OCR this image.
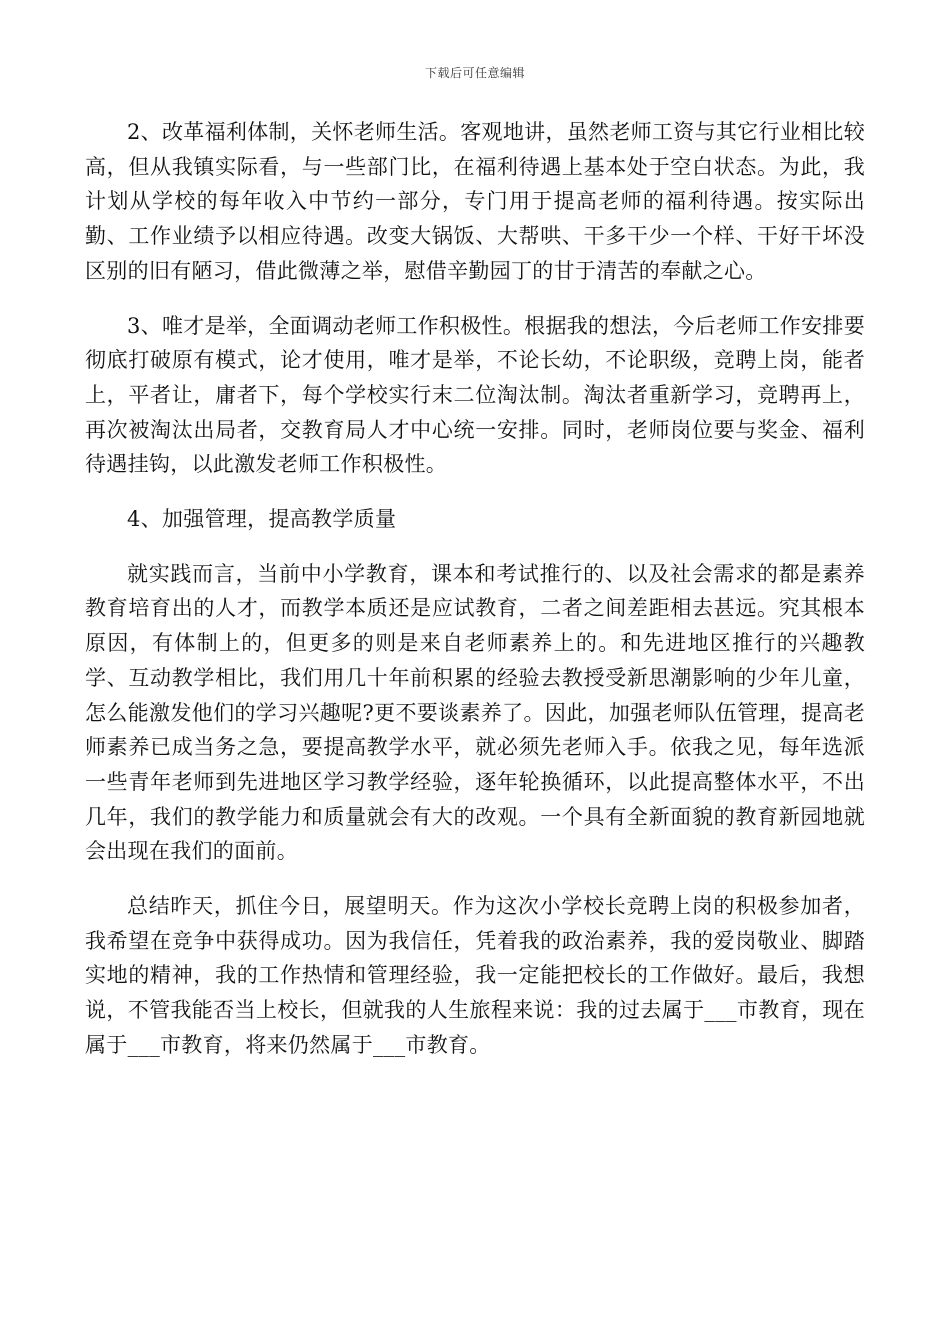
下载后可任意编辑

2、改革福利体制，关怀老师生活。客观地讲，虽然老师工资与其它行业相比较高，但从我镇实际看，与一些部门比，在福利待遇上基本处于空白状态。为此，我计划从学校的每年收入中节约一部分，专门用于提高老师的福利待遇。按实际出勤、工作业绩予以相应待遇。改变大锅饭、大帮哄、干多干少一个样、干好干坏没区别的旧有陋习，借此微薄之举，慰借辛勤园丁的甘于清苦的奉献之心。

3、唯才是举，全面调动老师工作积极性。根据我的想法，今后老师工作安排要彻底打破原有模式，论才使用，唯才是举，不论长幼，不论职级，竞聘上岗，能者上，平者让，庸者下，每个学校实行末二位淘汰制。淘汰者重新学习，竞聘再上，再次被淘汰出局者，交教育局人才中心统一安排。同时，老师岗位要与奖金、福利待遇挂钩，以此激发老师工作积极性。

4、加强管理，提高教学质量

就实践而言，当前中小学教育，课本和考试推行的、以及社会需求的都是素养教育培育出的人才，而教学本质还是应试教育，二者之间差距相去甚远。究其根本原因，有体制上的，但更多的则是来自老师素养上的。和先进地区推行的兴趣教学、互动教学相比，我们用几十年前积累的经验去教授受新思潮影响的少年儿童，怎么能激发他们的学习兴趣呢?更不要谈素养了。因此，加强老师队伍管理，提高老师素养已成当务之急，要提高教学水平，就必须先老师入手。依我之见，每年选派一些青年老师到先进地区学习教学经验，逐年轮换循环，以此提高整体水平，不出几年，我们的教学能力和质量就会有大的改观。一个具有全新面貌的教育新园地就会出现在我们的面前。

总结昨天，抓住今日，展望明天。作为这次小学校长竞聘上岗的积极参加者，我希望在竞争中获得成功。因为我信任，凭着我的政治素养，我的爱岗敬业、脚踏实地的精神，我的工作热情和管理经验，我一定能把校长的工作做好。最后，我想说，不管我能否当上校长，但就我的人生旅程来说：我的过去属于___市教育，现在属于___市教育，将来仍然属于___市教育。
